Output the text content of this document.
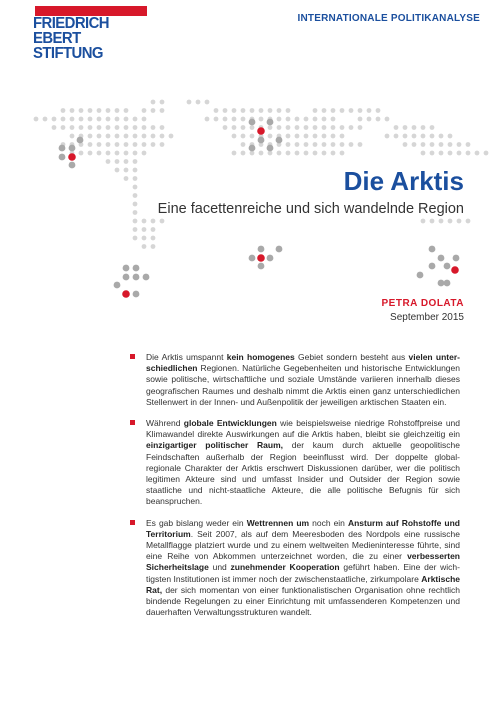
FRIEDRICH
EBERT
STIFTUNG
INTERNATIONALE POLITIKANALYSE
Die Arktis
Eine facettenreiche und sich wandelnde Region
PETRA DOLATA
September 2015
Die Arktis umspannt kein homogenes Gebiet sondern besteht aus vielen unterschiedlichen Regionen. Natürliche Gegebenheiten und historische Entwicklungen sowie politische, wirtschaftliche und soziale Umstände variieren innerhalb dieses geografischen Raumes und deshalb nimmt die Arktis einen ganz unterschiedlichen Stellenwert in der Innen- und Außenpolitik der jeweiligen arktischen Staaten ein.
Während globale Entwicklungen wie beispielsweise niedrige Rohstoffpreise und Klimawandel direkte Auswirkungen auf die Arktis haben, bleibt sie gleichzeitig ein einzigartiger politischer Raum, der kaum durch aktuelle geopolitische Feindschaften außerhalb der Region beeinflusst wird. Der doppelte global-regionale Charakter der Arktis erschwert Diskussionen darüber, wer die politisch legitimen Akteure sind und umfasst Insider und Outsider der Region sowie staatliche und nicht-staatliche Akteure, die alle politische Befugnis für sich beanspruchen.
Es gab bislang weder ein Wettrennen um noch ein Ansturm auf Rohstoffe und Territorium. Seit 2007, als auf dem Meeresboden des Nordpols eine russische Metallflagge platziert wurde und zu einem weltweiten Medieninteresse führte, sind eine Reihe von Abkommen unterzeichnet worden, die zu einer verbesserten Sicherheitslage und zunehmender Kooperation geführt haben. Eine der wichtigsten Institutionen ist immer noch der zwischenstaatliche, zirkumpolare Arktische Rat, der sich momentan von einer funktionalistischen Organisation ohne rechtlich bindende Regelungen zu einer Einrichtung mit umfassenderen Kompetenzen und dauerhaften Verwaltungsstrukturen wandelt.
